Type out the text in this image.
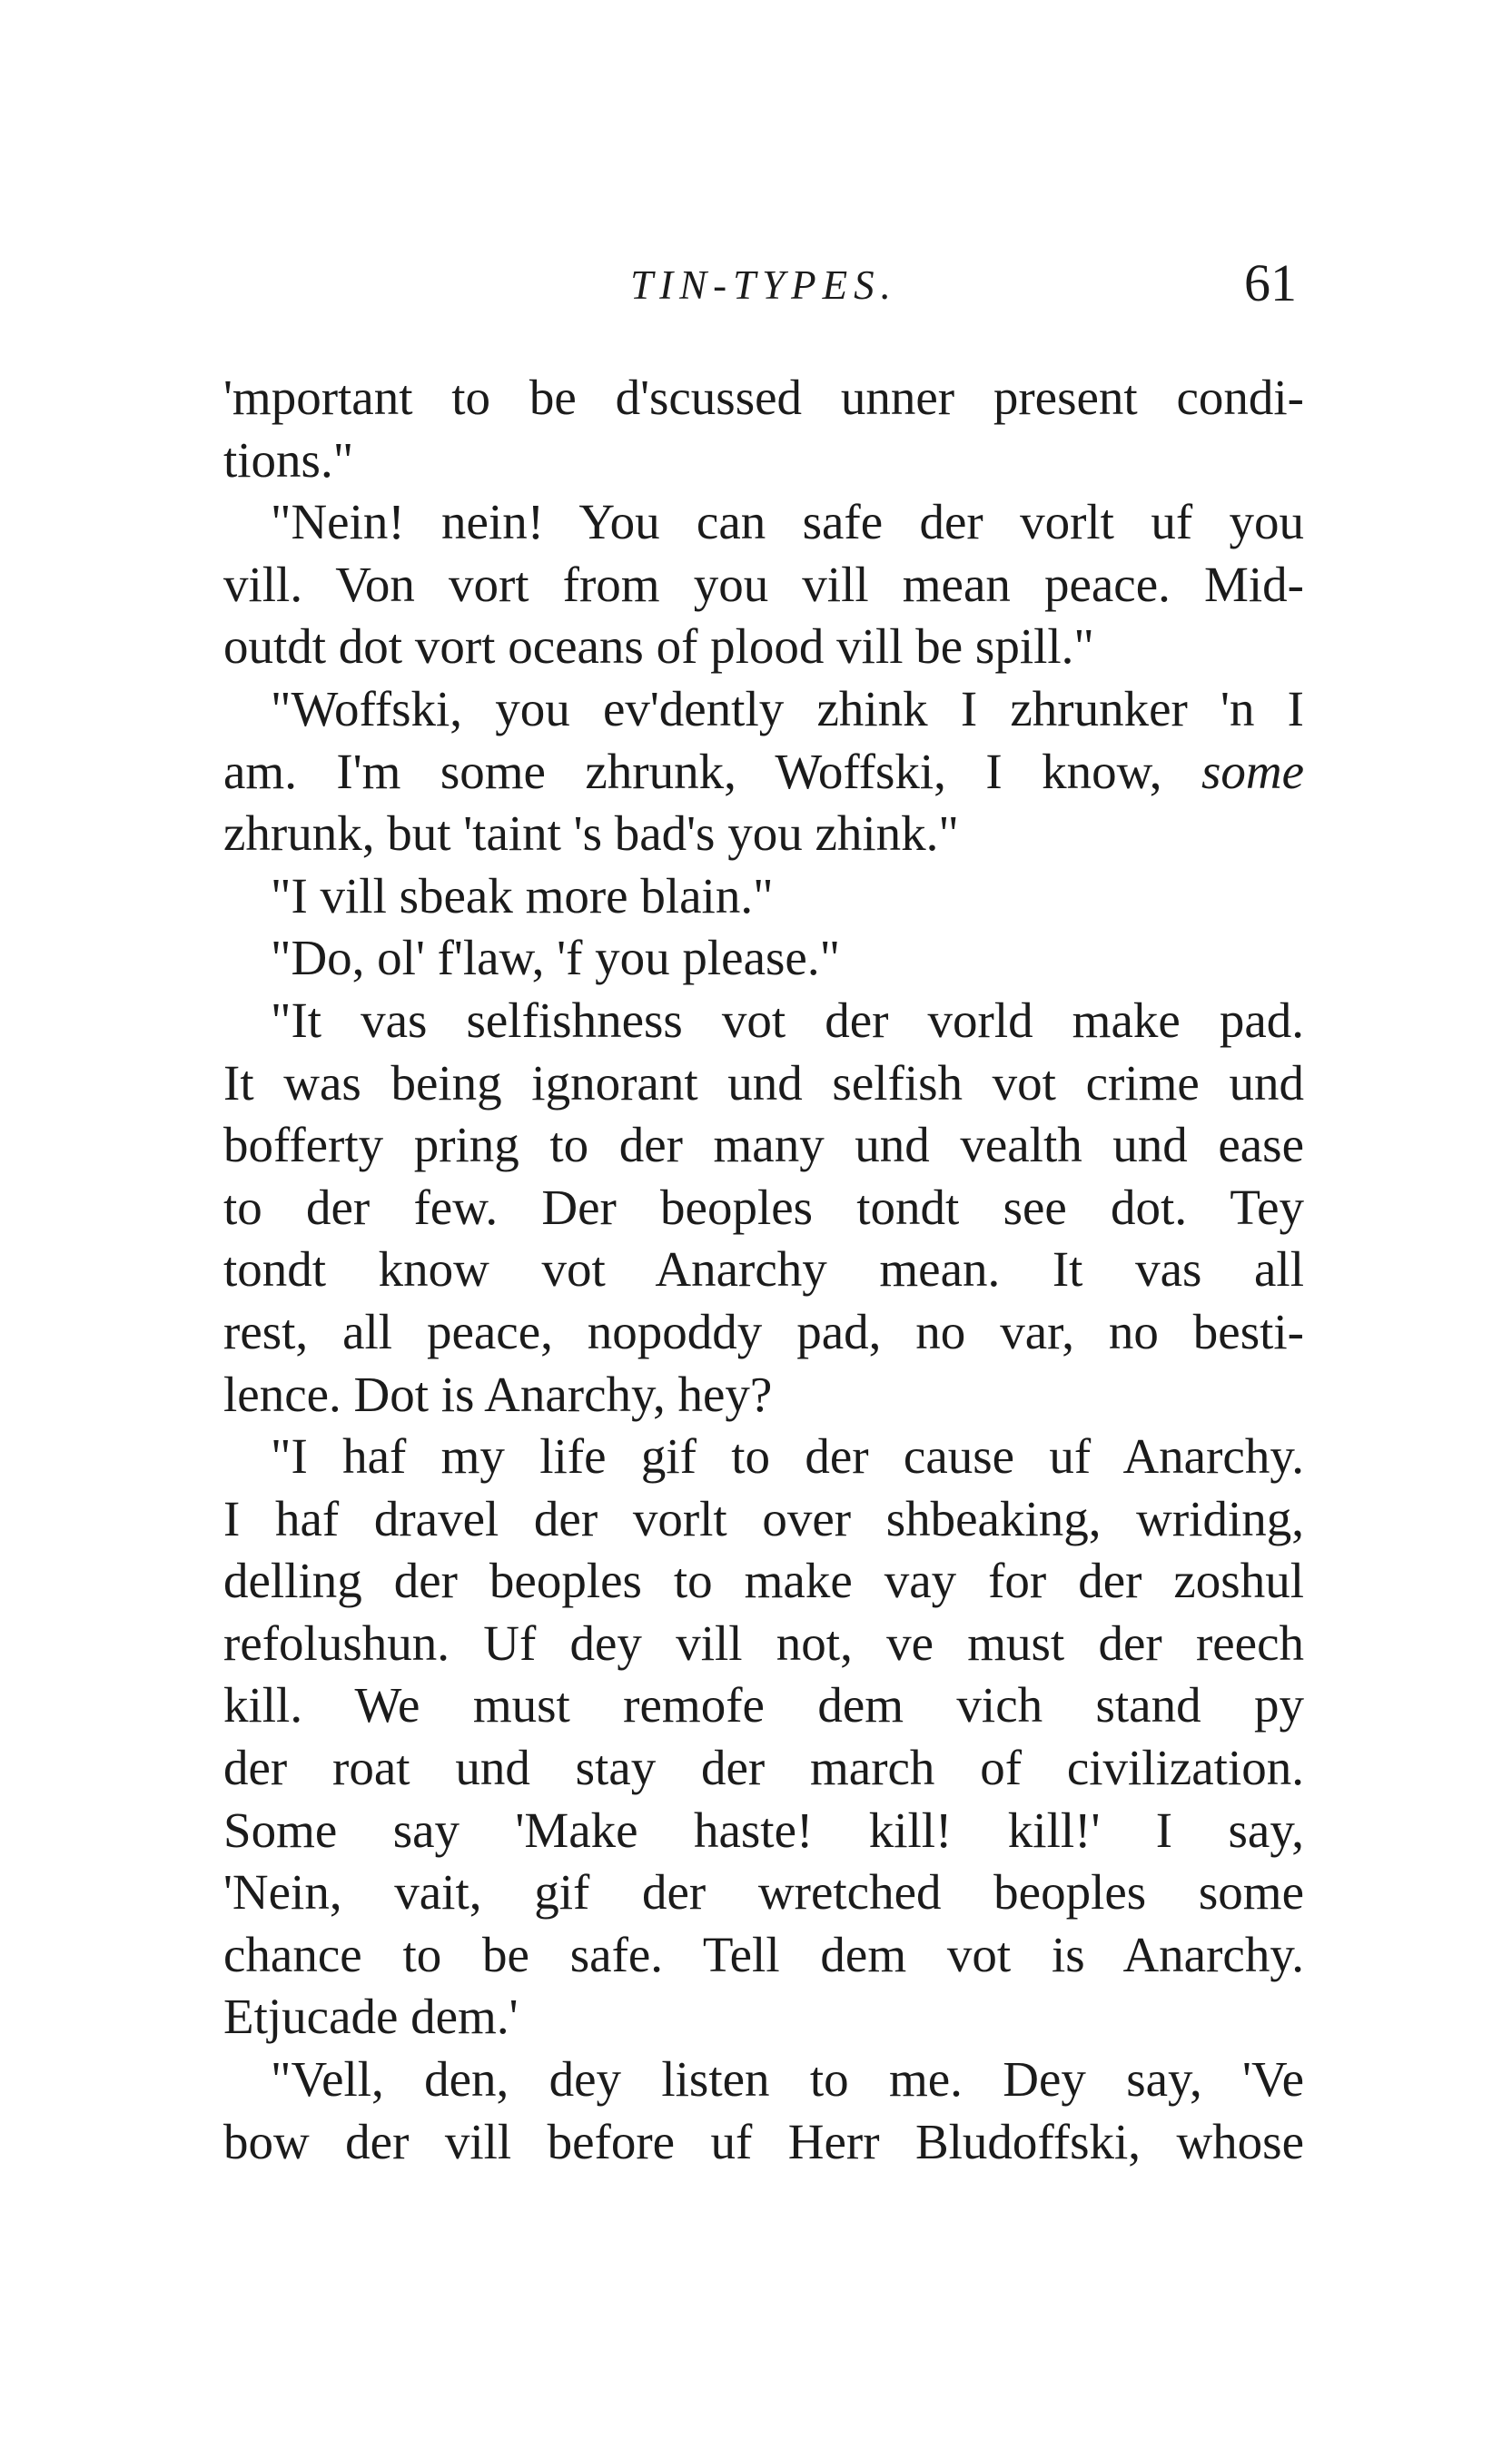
TIN-TYPES.	61
'mportant to be d'scussed unner present condi-
tions."
"Nein! nein! You can safe der vorlt uf you
vill. Von vort from you vill mean peace. Mid-
outdt dot vort oceans of plood vill be spill."
"Woffski, you ev'dently zhink I zhrunker 'n I
am. I'm some zhrunk, Woffski, I know, some
zhrunk, but 'taint 's bad's you zhink."
"I vill sbeak more blain."
"Do, ol' f'law, 'f you please."
"It vas selfishness vot der vorld make pad.
It was being ignorant und selfish vot crime und
bofferty pring to der many und vealth und ease
to der few. Der beoples tondt see dot. Tey
tondt know vot Anarchy mean. It vas all
rest, all peace, nopoddy pad, no var, no besti-
lence. Dot is Anarchy, hey?
"I haf my life gif to der cause uf Anarchy.
I haf dravel der vorlt over shbeaking, wriding,
delling der beoples to make vay for der zoshul
refolushun. Uf dey vill not, ve must der reech
kill. We must remofe dem vich stand py
der roat und stay der march of civilization.
Some say 'Make haste! kill! kill!' I say,
'Nein, vait, gif der wretched beoples some
chance to be safe. Tell dem vot is Anarchy.
Etjucade dem.'
"Vell, den, dey listen to me. Dey say, 'Ve
bow der vill before uf Herr Bludoffski, whose
